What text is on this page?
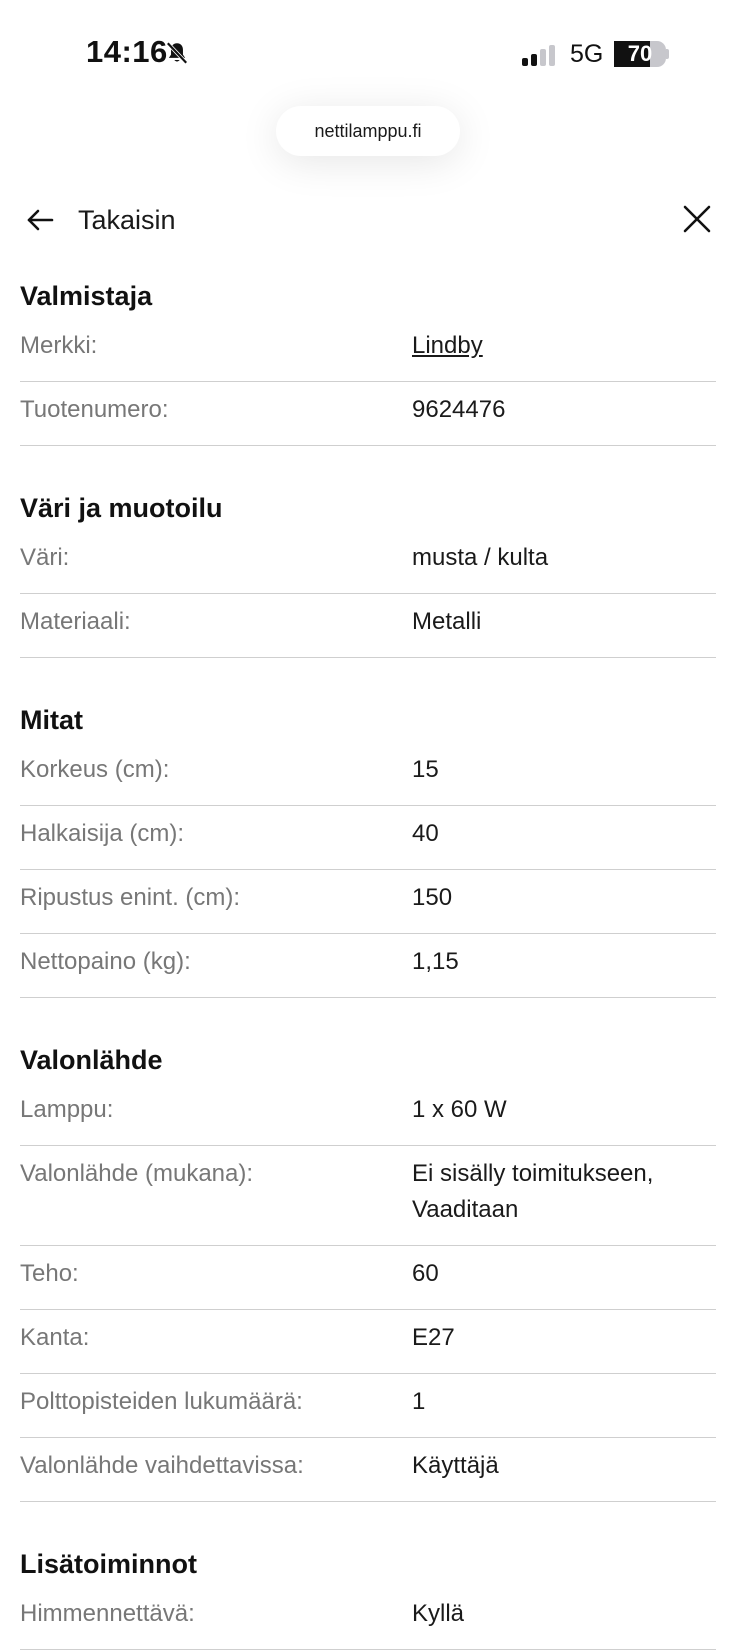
14:16	5G	70
nettilamppu.fi
Takaisin
Valmistaja
Merkki:	Lindby
Tuotenumero:	9624476
Väri ja muotoilu
Väri:	musta / kulta
Materiaali:	Metalli
Mitat
Korkeus (cm):	15
Halkaisija (cm):	40
Ripustus enint. (cm):	150
Nettopaino (kg):	1,15
Valonlähde
Lamppu:	1 x 60 W
Valonlähde (mukana):	Ei sisälly toimitukseen, Vaaditaan
Teho:	60
Kanta:	E27
Polttopisteiden lukumäärä:	1
Valonlähde vaihdettavissa:	Käyttäjä
Lisätoiminnot
Himmennettävä:	Kyllä
